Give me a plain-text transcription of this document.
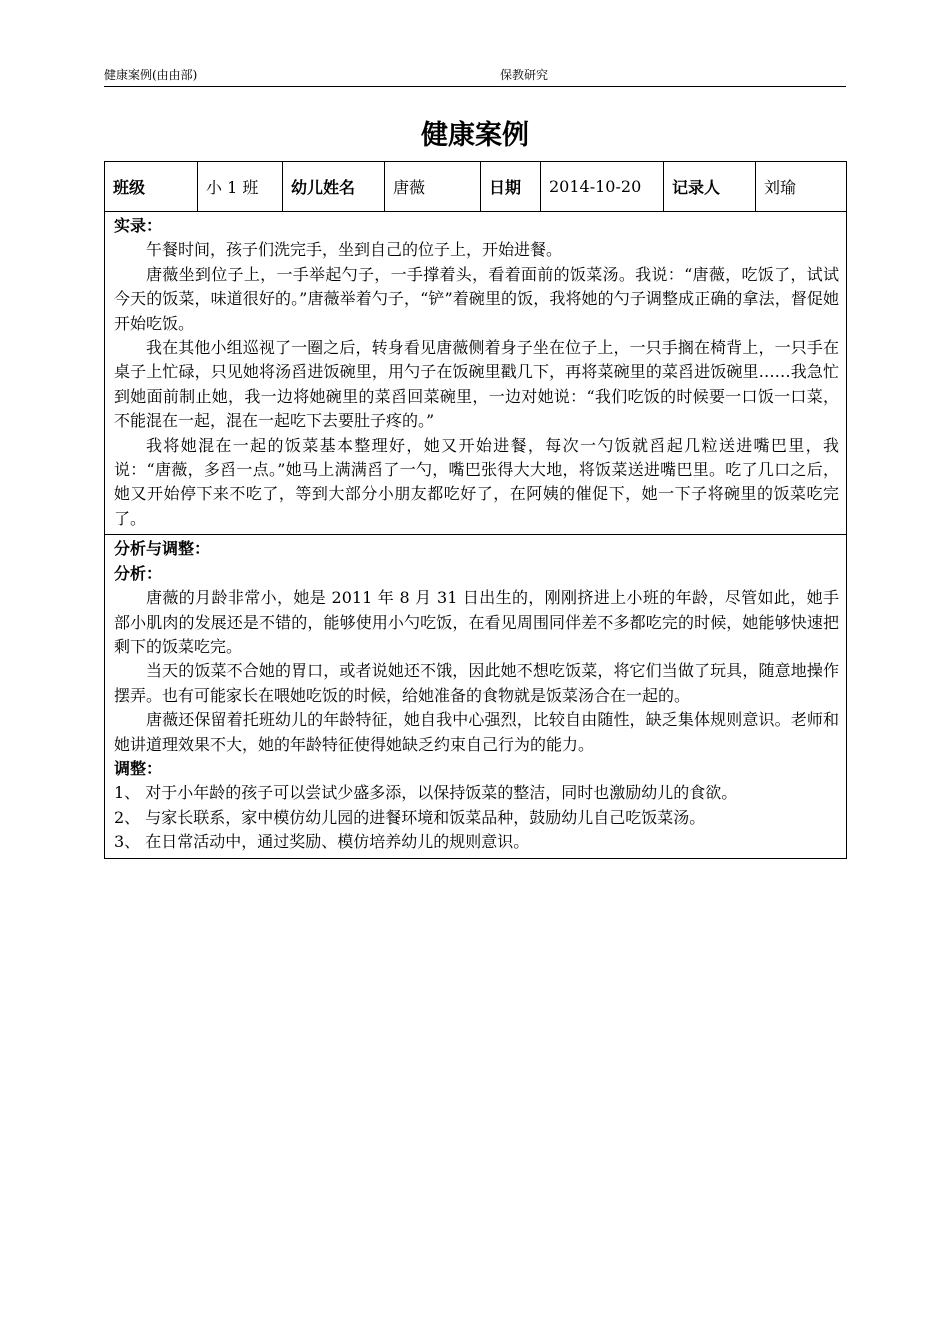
健康案例(由由部)	保教研究
健康案例
班级	小 1 班	幼儿姓名	唐薇	日期	2014-10-20	记录人	刘瑜

实录：

午餐时间，孩子们洗完手，坐到自己的位子上，开始进餐。

唐薇坐到位子上，一手举起勺子，一手撑着头，看着面前的饭菜汤。我说：“唐薇，吃饭了，试试今天的饭菜，味道很好的。”唐薇举着勺子，“铲”着碗里的饭，我将她的勺子调整成正确的拿法，督促她开始吃饭。

我在其他小组巡视了一圈之后，转身看见唐薇侧着身子坐在位子上，一只手搁在椅背上，一只手在桌子上忙碌，只见她将汤舀进饭碗里，用勺子在饭碗里戳几下，再将菜碗里的菜舀进饭碗里……我急忙到她面前制止她，我一边将她碗里的菜舀回菜碗里，一边对她说：“我们吃饭的时候要一口饭一口菜，不能混在一起，混在一起吃下去要肚子疼的。”

我将她混在一起的饭菜基本整理好，她又开始进餐，每次一勺饭就舀起几粒送进嘴巴里，我说：“唐薇，多舀一点。”她马上满满舀了一勺，嘴巴张得大大地，将饭菜送进嘴巴里。吃了几口之后，她又开始停下来不吃了，等到大部分小朋友都吃好了，在阿姨的催促下，她一下子将碗里的饭菜吃完了。

分析与调整：
分析：

唐薇的月龄非常小，她是 2011 年 8 月 31 日出生的，刚刚挤进上小班的年龄，尽管如此，她手部小肌肉的发展还是不错的，能够使用小勺吃饭，在看见周围同伴差不多都吃完的时候，她能够快速把剩下的饭菜吃完。

当天的饭菜不合她的胃口，或者说她还不饿，因此她不想吃饭菜，将它们当做了玩具，随意地操作摆弄。也有可能家长在喂她吃饭的时候，给她准备的食物就是饭菜汤合在一起的。

唐薇还保留着托班幼儿的年龄特征，她自我中心强烈，比较自由随性，缺乏集体规则意识。老师和她讲道理效果不大，她的年龄特征使得她缺乏约束自己行为的能力。

调整：

1、 对于小年龄的孩子可以尝试少盛多添，以保持饭菜的整洁，同时也激励幼儿的食欲。

2、 与家长联系，家中模仿幼儿园的进餐环境和饭菜品种，鼓励幼儿自己吃饭菜汤。

3、 在日常活动中，通过奖励、模仿培养幼儿的规则意识。
